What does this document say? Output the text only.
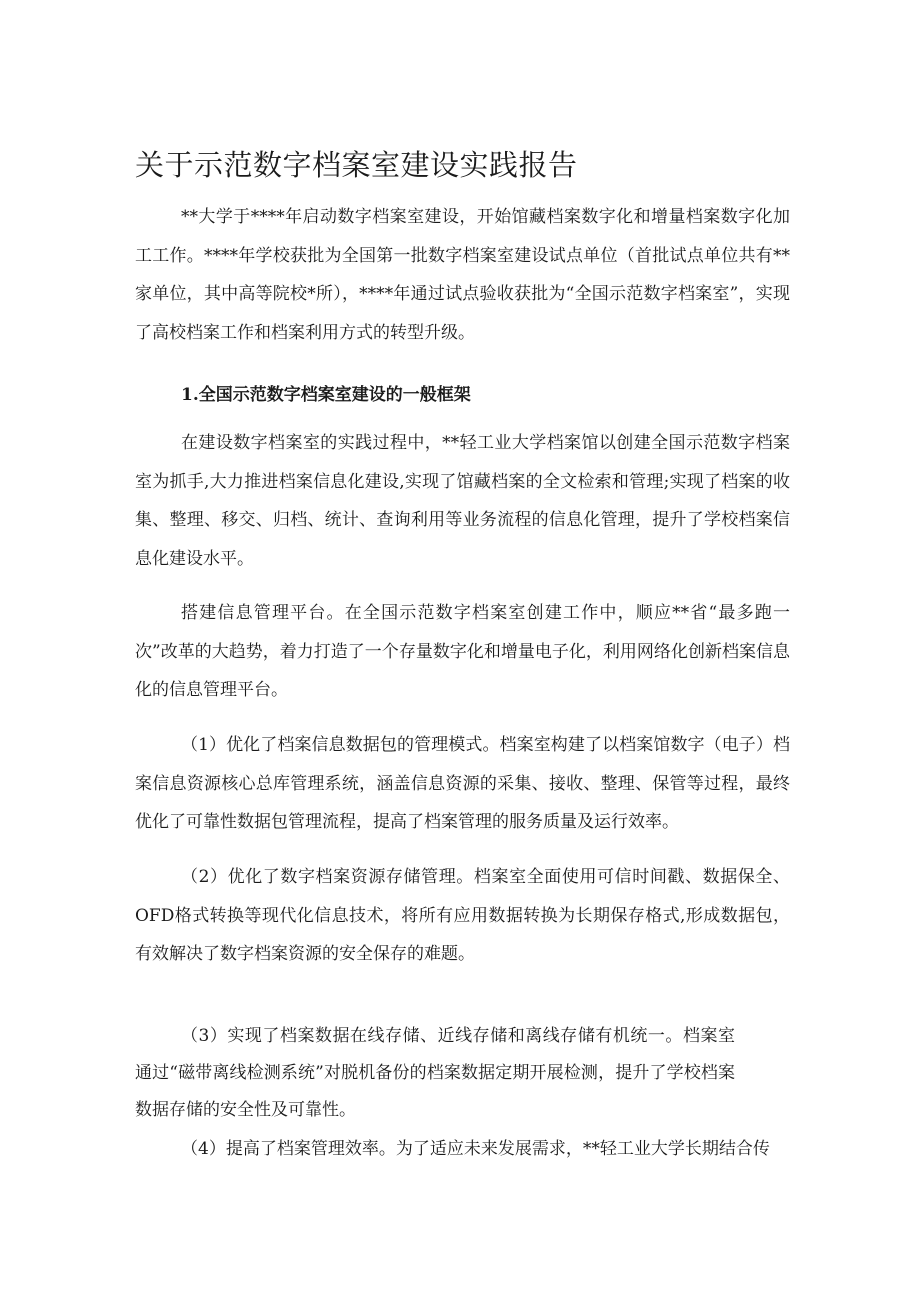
关于示范数字档案室建设实践报告

**大学于****年启动数字档案室建设，开始馆藏档案数字化和增量档案数字化加工工作。****年学校获批为全国第一批数字档案室建设试点单位（首批试点单位共有**家单位，其中高等院校*所），****年通过试点验收获批为“全国示范数字档案室”，实现了高校档案工作和档案利用方式的转型升级。

1.全国示范数字档案室建设的一般框架

在建设数字档案室的实践过程中，**轻工业大学档案馆以创建全国示范数字档案室为抓手,大力推进档案信息化建设,实现了馆藏档案的全文检索和管理;实现了档案的收集、整理、移交、归档、统计、查询利用等业务流程的信息化管理，提升了学校档案信息化建设水平。

搭建信息管理平台。在全国示范数字档案室创建工作中，顺应**省“最多跑一次”改革的大趋势，着力打造了一个存量数字化和增量电子化，利用网络化创新档案信息化的信息管理平台。

（1）优化了档案信息数据包的管理模式。档案室构建了以档案馆数字（电子）档案信息资源核心总库管理系统，涵盖信息资源的采集、接收、整理、保管等过程，最终优化了可靠性数据包管理流程，提高了档案管理的服务质量及运行效率。

（2）优化了数字档案资源存储管理。档案室全面使用可信时间戳、数据保全、OFD格式转换等现代化信息技术，将所有应用数据转换为长期保存格式,形成数据包，有效解决了数字档案资源的安全保存的难题。

（3）实现了档案数据在线存储、近线存储和离线存储有机统一。档案室通过“磁带离线检测系统”对脱机备份的档案数据定期开展检测，提升了学校档案数据存储的安全性及可靠性。

（4）提高了档案管理效率。为了适应未来发展需求，**轻工业大学长期结合传
